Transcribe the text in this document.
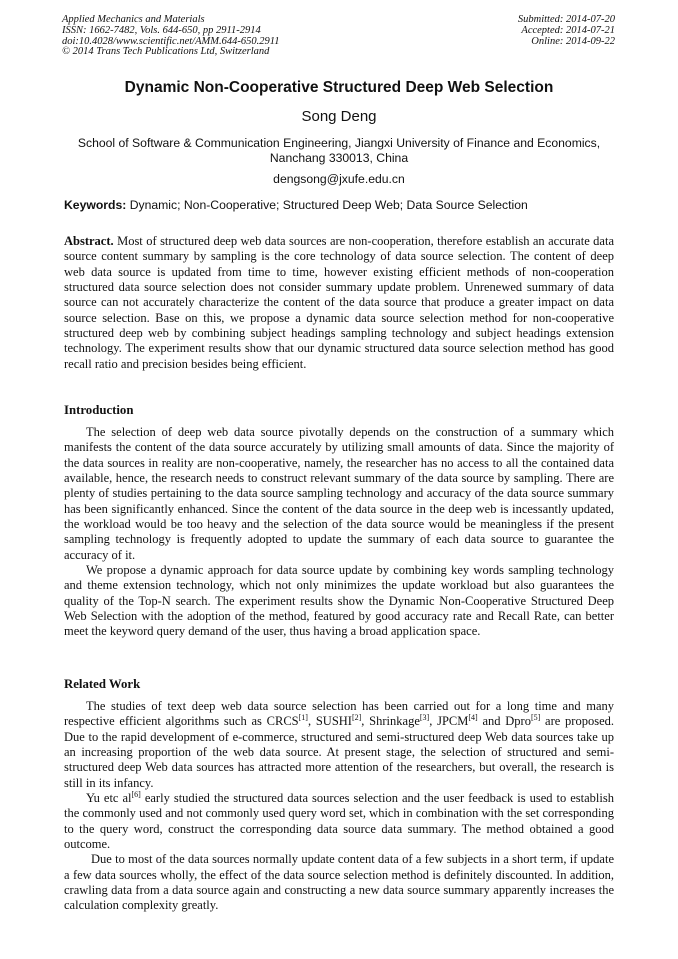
Applied Mechanics and Materials
ISSN: 1662-7482, Vols. 644-650, pp 2911-2914
doi:10.4028/www.scientific.net/AMM.644-650.2911
© 2014 Trans Tech Publications Ltd, Switzerland
Submitted: 2014-07-20
Accepted: 2014-07-21
Online: 2014-09-22
Dynamic Non-Cooperative Structured Deep Web Selection
Song Deng
School of Software & Communication Engineering, Jiangxi University of Finance and Economics, Nanchang 330013, China
dengsong@jxufe.edu.cn
Keywords: Dynamic; Non-Cooperative; Structured Deep Web; Data Source Selection

Abstract. Most of structured deep web data sources are non-cooperation, therefore establish an accurate data source content summary by sampling is the core technology of data source selection. The content of deep web data source is updated from time to time, however existing efficient methods of non-cooperation structured data source selection does not consider summary update problem. Unrenewed summary of data source can not accurately characterize the content of the data source that produce a greater impact on data source selection. Base on this, we propose a dynamic data source selection method for non-cooperative structured deep web by combining subject headings sampling technology and subject headings extension technology. The experiment results show that our dynamic structured data source selection method has good recall ratio and precision besides being efficient.

Introduction

The selection of deep web data source pivotally depends on the construction of a summary which manifests the content of the data source accurately by utilizing small amounts of data. Since the majority of the data sources in reality are non-cooperative, namely, the researcher has no access to all the contained data available, hence, the research needs to construct relevant summary of the data source by sampling. There are plenty of studies pertaining to the data source sampling technology and accuracy of the data source summary has been significantly enhanced. Since the content of the data source in the deep web is incessantly updated, the workload would be too heavy and the selection of the data source would be meaningless if the present sampling technology is frequently adopted to update the summary of each data source to guarantee the accuracy of it.

We propose a dynamic approach for data source update by combining key words sampling technology and theme extension technology, which not only minimizes the update workload but also guarantees the quality of the Top-N search. The experiment results show the Dynamic Non-Cooperative Structured Deep Web Selection with the adoption of the method, featured by good accuracy rate and Recall Rate, can better meet the keyword query demand of the user, thus having a broad application space.

Related Work

The studies of text deep web data source selection has been carried out for a long time and many respective efficient algorithms such as CRCS[1], SUSHI[2], Shrinkage[3], JPCM[4] and Dpro[5] are proposed. Due to the rapid development of e-commerce, structured and semi-structured deep Web data sources take up an increasing proportion of the web data source. At present stage, the selection of structured and semi-structured deep Web data sources has attracted more attention of the researchers, but overall, the research is still in its infancy.

Yu etc al[6] early studied the structured data sources selection and the user feedback is used to establish the commonly used and not commonly used query word set, which in combination with the set corresponding to the query word, construct the corresponding data source data summary. The method obtained a good outcome.

Due to most of the data sources normally update content data of a few subjects in a short term, if update a few data sources wholly, the effect of the data source selection method is definitely discounted. In addition, crawling data from a data source again and constructing a new data source summary apparently increases the calculation complexity greatly.
